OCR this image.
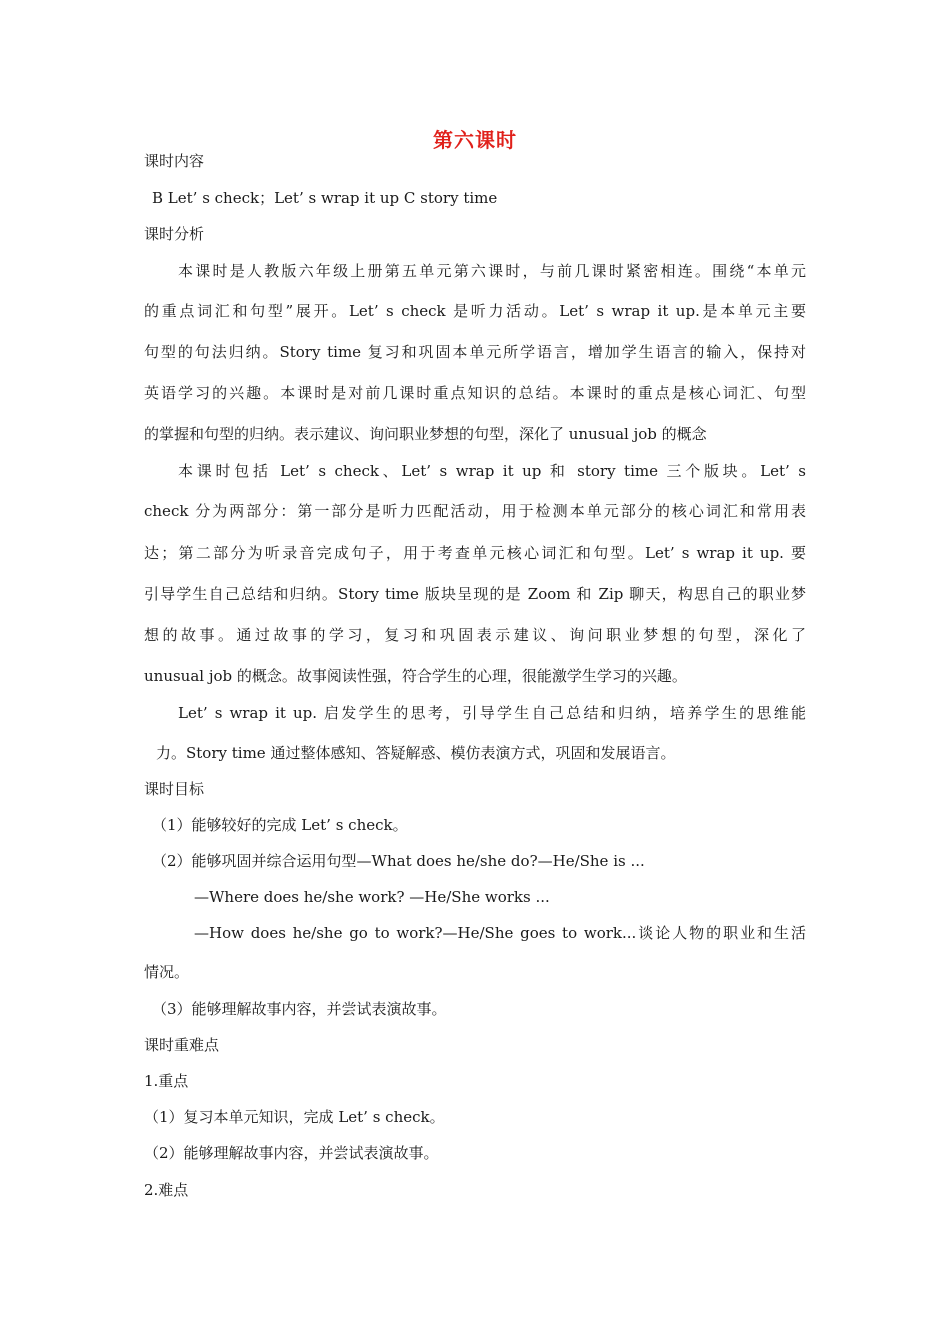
第六课时
课时内容
B Let’ s check；Let’ s wrap it up C story time
课时分析
本课时是人教版六年级上册第五单元第六课时，与前几课时紧密相连。围绕“本单元
的重点词汇和句型”展开。Let’ s check 是听力活动。Let’ s wrap it up.是本单元主要
句型的句法归纳。Story time 复习和巩固本单元所学语言，增加学生语言的输入，保持对
英语学习的兴趣。本课时是对前几课时重点知识的总结。本课时的重点是核心词汇、句型
的掌握和句型的归纳。表示建议、询问职业梦想的句型，深化了 unusual job 的概念
本课时包括 Let’ s check、Let’ s wrap it up 和 story time 三个版块。Let’ s
check 分为两部分：第一部分是听力匹配活动，用于检测本单元部分的核心词汇和常用表
达；第二部分为听录音完成句子，用于考查单元核心词汇和句型。Let’ s wrap it up. 要
引导学生自己总结和归纳。Story time 版块呈现的是 Zoom 和 Zip 聊天，构思自己的职业梦
想的故事。通过故事的学习，复习和巩固表示建议、询问职业梦想的句型，深化了
unusual job 的概念。故事阅读性强，符合学生的心理，很能激学生学习的兴趣。
Let’ s wrap it up. 启发学生的思考，引导学生自己总结和归纳，培养学生的思维能
力。Story time 通过整体感知、答疑解惑、模仿表演方式，巩固和发展语言。
课时目标
（1）能够较好的完成 Let’ s check。
（2）能够巩固并综合运用句型—What does he/she do?—He/She is ...
—Where does he/she work? —He/She works ...
—How does he/she go to work?—He/She goes to work...谈论人物的职业和生活
情况。
（3）能够理解故事内容，并尝试表演故事。
课时重难点
1.重点
（1）复习本单元知识，完成 Let’ s check。
（2）能够理解故事内容，并尝试表演故事。
2.难点
